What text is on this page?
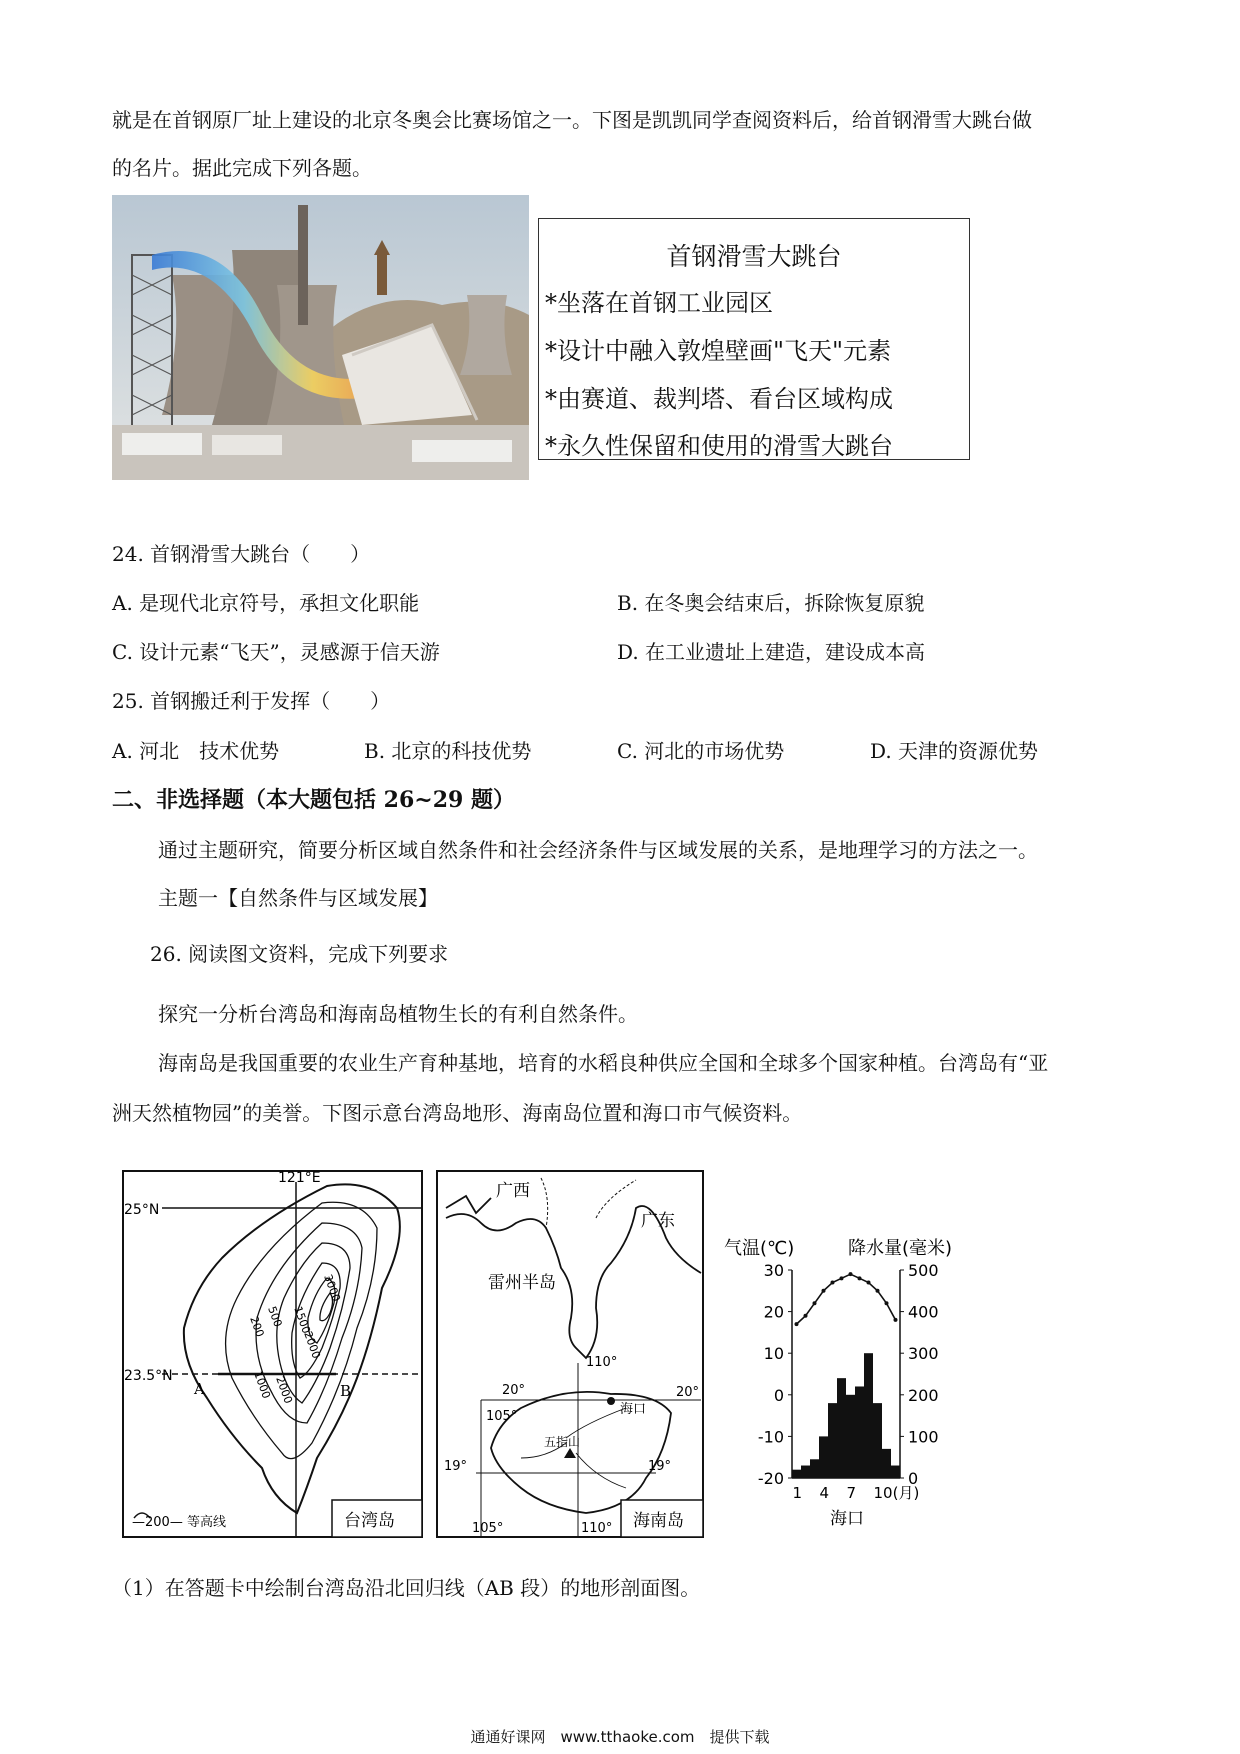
就是在首钢原厂址上建设的北京冬奥会比赛场馆之一。下图是凯凯同学查阅资料后，给首钢滑雪大跳台做
的名片。据此完成下列各题。
首钢滑雪大跳台
*坐落在首钢工业园区
*设计中融入敦煌壁画"飞天"元素
*由赛道、裁判塔、看台区域构成
*永久性保留和使用的滑雪大跳台
24. 首钢滑雪大跳台（　　）
A. 是现代北京符号，承担文化职能	B. 在冬奥会结束后，拆除恢复原貌
C. 设计元素“飞天”，灵感源于信天游	D. 在工业遗址上建造，建设成本高
25. 首钢搬迁利于发挥（　　）
A. 河北　技术优势	B. 北京的科技优势	C. 河北的市场优势	D. 天津的资源优势
二、非选择题（本大题包括 26~29 题）
通过主题研究，简要分析区域自然条件和社会经济条件与区域发展的关系，是地理学习的方法之一。
主题一【自然条件与区域发展】
26. 阅读图文资料，完成下列要求
探究一分析台湾岛和海南岛植物生长的有利自然条件。
海南岛是我国重要的农业生产育种基地，培育的水稻良种供应全国和全球多个国家种植。台湾岛有“亚
洲天然植物园”的美誉。下图示意台湾岛地形、海南岛位置和海口市气候资料。
121°E
25°N
23.5°N
A	B
500
200
1000 2000
1500
2000
3000
—200— 等高线	台湾岛
广西
广东
雷州半岛
110°
20°	20°
105°	海口
五指山
19°	19°
105°	110° 海南岛
气温(℃)	降水量(毫米)
30
20
10
0
-10
-20
500
400
300
200
100
0
1 4 7 10(月)
海口
（1）在答题卡中绘制台湾岛沿北回归线（AB 段）的地形剖面图。
通通好课网　www.tthaoke.com　提供下载
